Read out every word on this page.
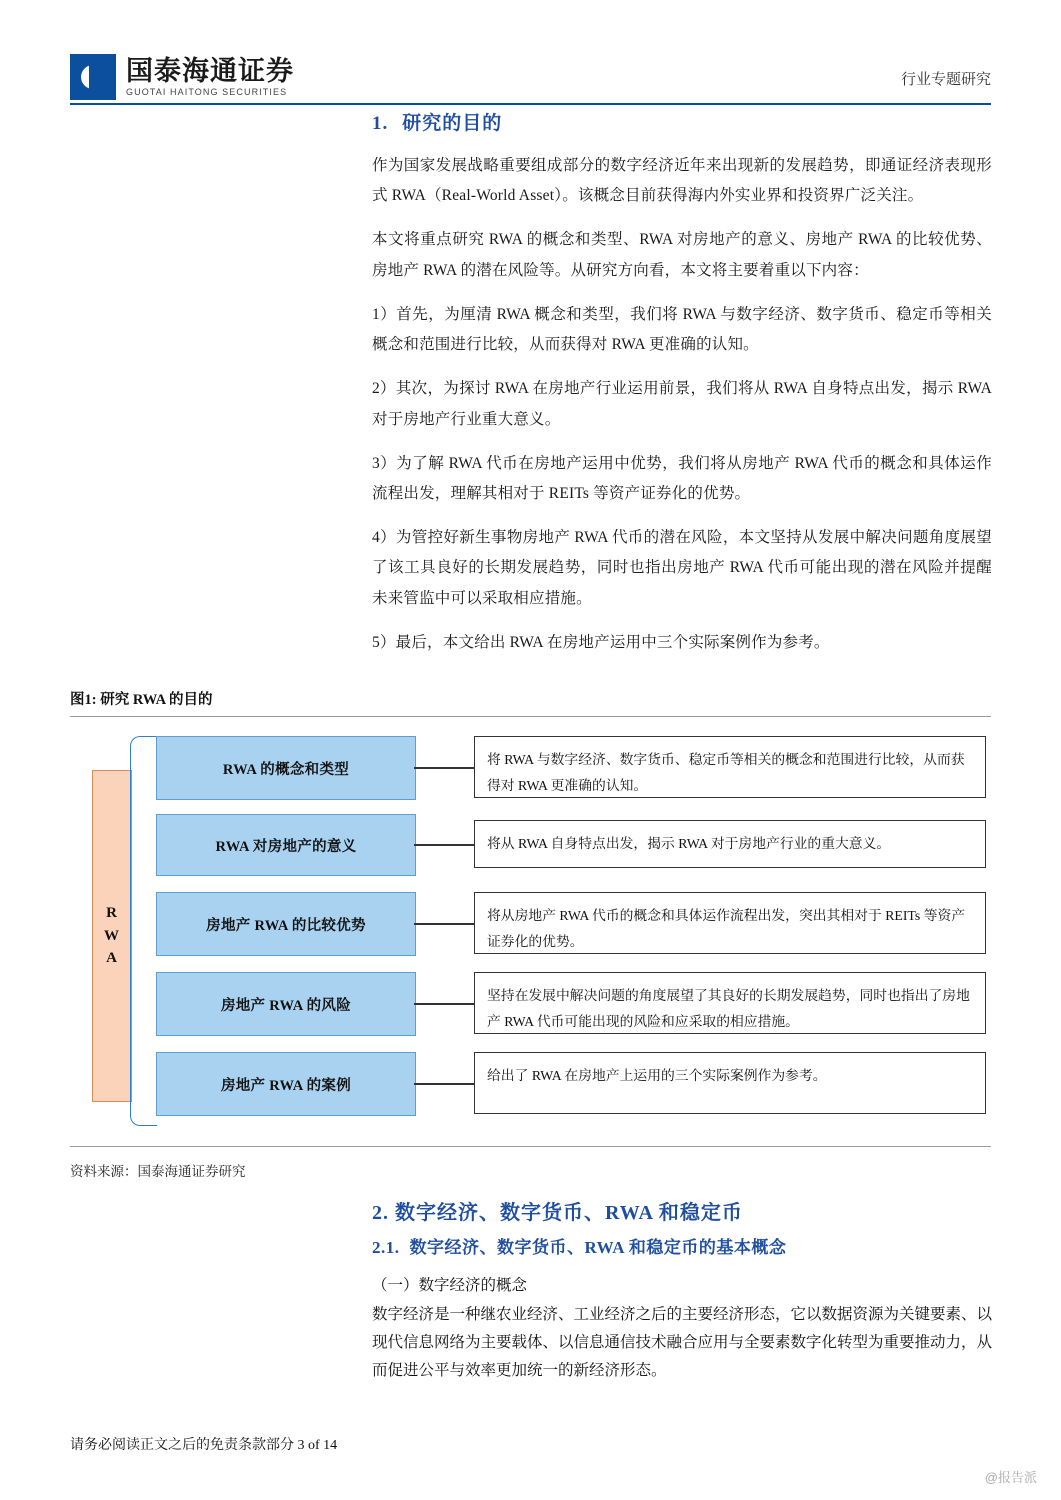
国泰海通证券
GUOTAI HAITONG SECURITIES
行业专题研究
1. 研究的目的

作为国家发展战略重要组成部分的数字经济近年来出现新的发展趋势，即通证经济表现形式 RWA（Real-World Asset）。该概念目前获得海内外实业界和投资界广泛关注。

本文将重点研究 RWA 的概念和类型、RWA 对房地产的意义、房地产 RWA 的比较优势、房地产 RWA 的潜在风险等。从研究方向看，本文将主要着重以下内容：

1）首先，为厘清 RWA 概念和类型，我们将 RWA 与数字经济、数字货币、稳定币等相关概念和范围进行比较，从而获得对 RWA 更准确的认知。

2）其次，为探讨 RWA 在房地产行业运用前景，我们将从 RWA 自身特点出发，揭示 RWA 对于房地产行业重大意义。

3）为了解 RWA 代币在房地产运用中优势，我们将从房地产 RWA 代币的概念和具体运作流程出发，理解其相对于 REITs 等资产证券化的优势。

4）为管控好新生事物房地产 RWA 代币的潜在风险，本文坚持从发展中解决问题角度展望了该工具良好的长期发展趋势，同时也指出房地产 RWA 代币可能出现的潜在风险并提醒未来管监中可以采取相应措施。

5）最后，本文给出 RWA 在房地产运用中三个实际案例作为参考。

图1: 研究 RWA 的目的
R
W
A
RWA 的概念和类型
将 RWA 与数字经济、数字货币、稳定币等相关的概念和范围进行比较，从而获得对 RWA 更准确的认知。
RWA 对房地产的意义	将从 RWA 自身特点出发，揭示 RWA 对于房地产行业的重大意义。
房地产 RWA 的比较优势
将从房地产 RWA 代币的概念和具体运作流程出发，突出其相对于 REITs 等资产证券化的优势。
房地产 RWA 的风险
坚持在发展中解决问题的角度展望了其良好的长期发展趋势，同时也指出了房地产 RWA 代币可能出现的风险和应采取的相应措施。
房地产 RWA 的案例
给出了 RWA 在房地产上运用的三个实际案例作为参考。
资料来源：国泰海通证券研究
2. 数字经济、数字货币、RWA 和稳定币
2.1. 数字经济、数字货币、RWA 和稳定币的基本概念

（一）数字经济的概念

数字经济是一种继农业经济、工业经济之后的主要经济形态，它以数据资源为关键要素、以现代信息网络为主要载体、以信息通信技术融合应用与全要素数字化转型为重要推动力，从而促进公平与效率更加统一的新经济形态。

请务必阅读正文之后的免责条款部分 3 of 14
@报告派
